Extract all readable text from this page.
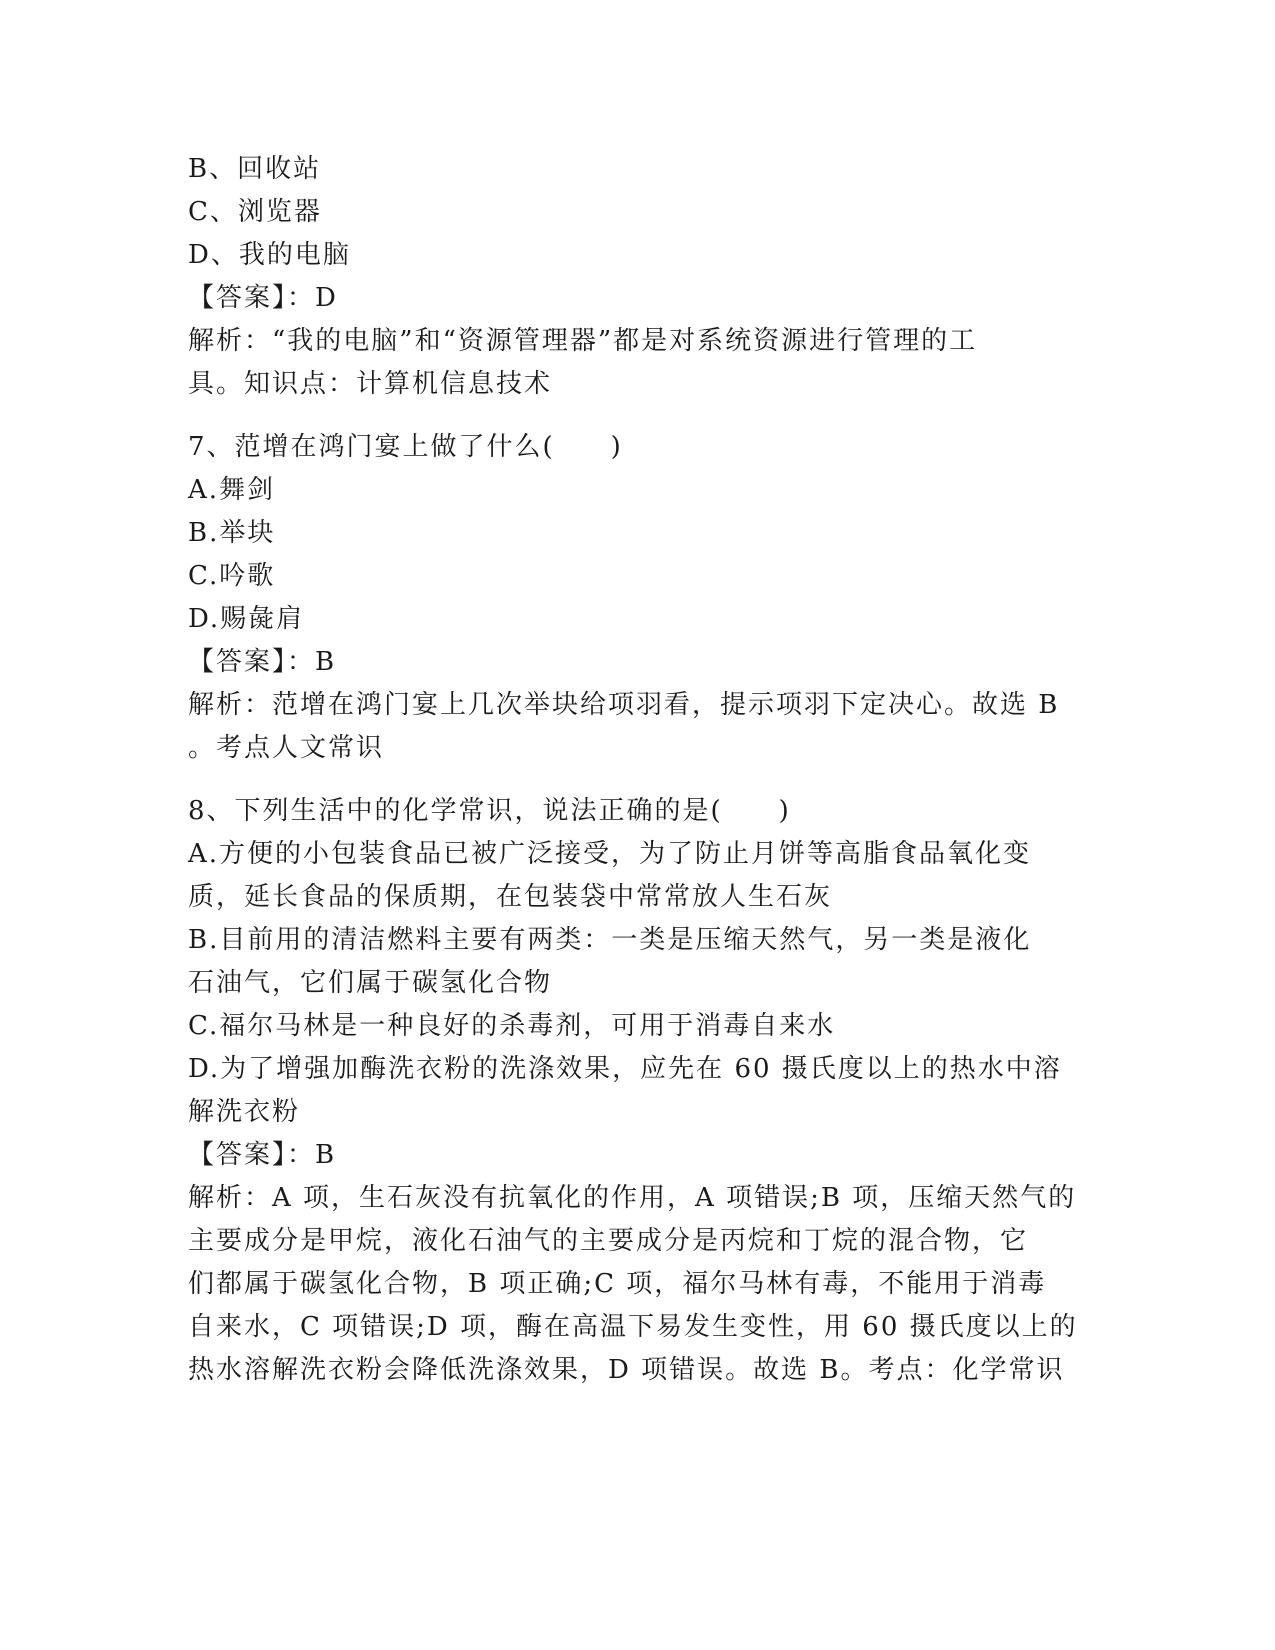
B、回收站
C、浏览器
D、我的电脑
【答案】：D
解析：“我的电脑”和“资源管理器”都是对系统资源进行管理的工
具。知识点：计算机信息技术
7、范增在鸿门宴上做了什么(　　)
A.舞剑
B.举块
C.吟歌
D.赐彘肩
【答案】：B
解析：范增在鸿门宴上几次举块给项羽看，提示项羽下定决心。故选 B
。考点人文常识
8、下列生活中的化学常识，说法正确的是(　　)
A.方便的小包装食品已被广泛接受，为了防止月饼等高脂食品氧化变
质，延长食品的保质期，在包装袋中常常放人生石灰
B.目前用的清洁燃料主要有两类：一类是压缩天然气，另一类是液化
石油气，它们属于碳氢化合物
C.福尔马林是一种良好的杀毒剂，可用于消毒自来水
D.为了增强加酶洗衣粉的洗涤效果，应先在 60 摄氏度以上的热水中溶
解洗衣粉
【答案】：B
解析：A 项，生石灰没有抗氧化的作用，A 项错误;B 项，压缩天然气的
主要成分是甲烷，液化石油气的主要成分是丙烷和丁烷的混合物，它
们都属于碳氢化合物，B 项正确;C 项，福尔马林有毒，不能用于消毒
自来水，C 项错误;D 项，酶在高温下易发生变性，用 60 摄氏度以上的
热水溶解洗衣粉会降低洗涤效果，D 项错误。故选 B。考点：化学常识
